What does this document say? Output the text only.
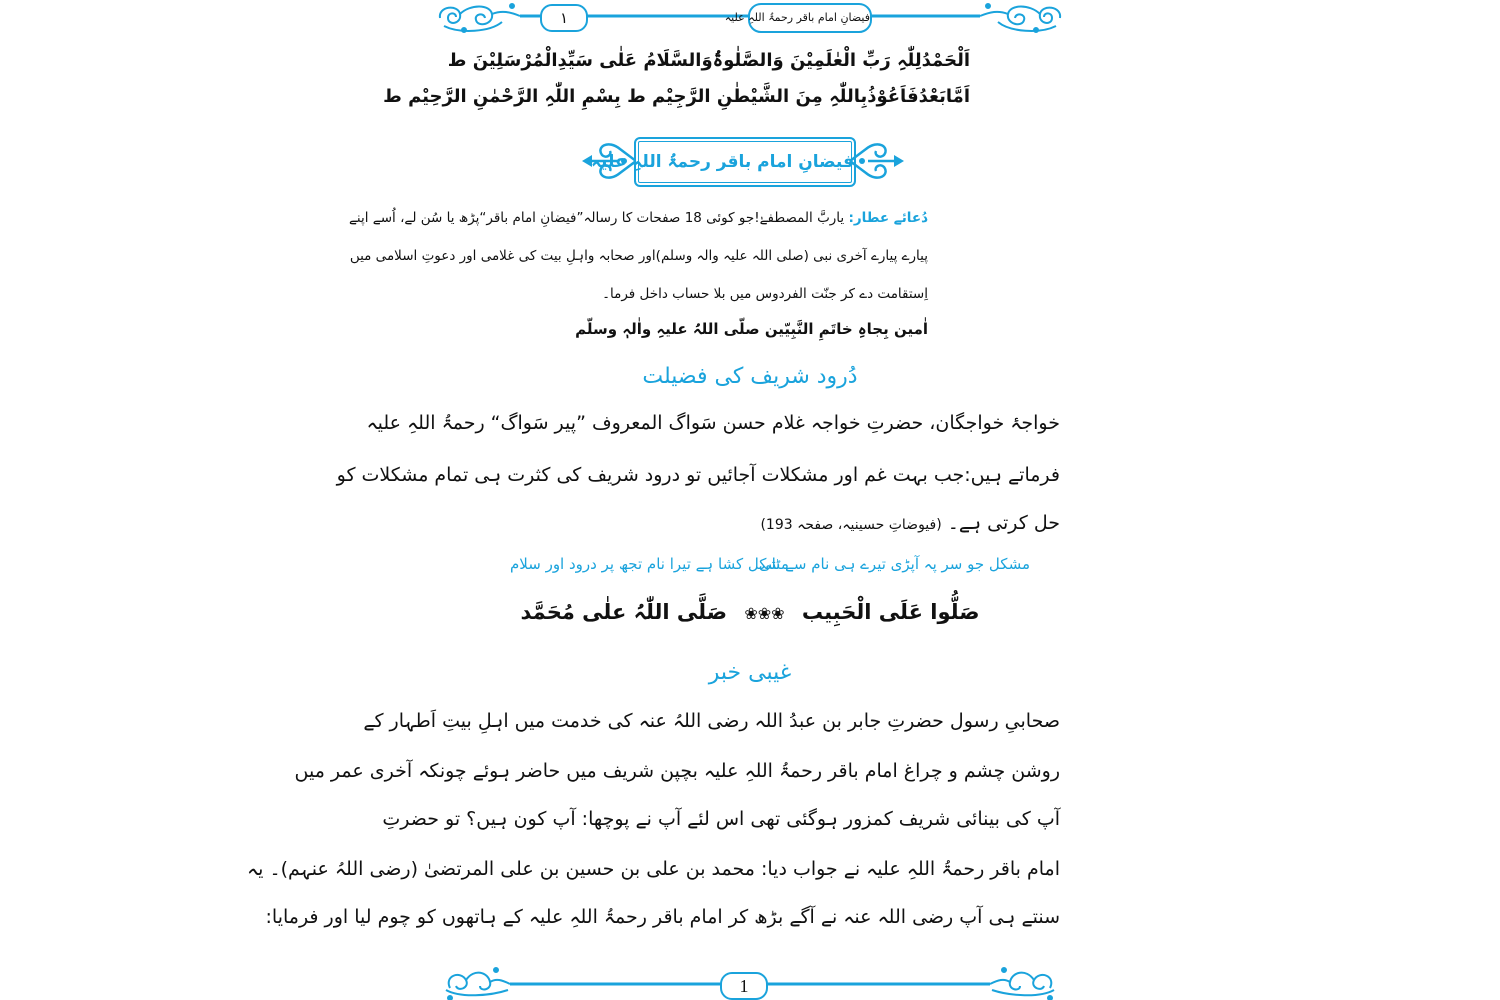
١	فیضانِ امام باقر رحمۃُ اللہِ علیہ
اَلْحَمْدُلِلّٰہِ رَبِّ الْعٰلَمِیْنَ وَالصَّلٰوۃُوَالسَّلَامُ عَلٰی سَیِّدِالْمُرْسَلِیْنَ ط
اَمَّابَعْدُفَاَعُوْذُبِاللّٰہِ مِنَ الشَّیْطٰنِ الرَّجِیْم ط بِسْمِ اللّٰہِ الرَّحْمٰنِ الرَّحِیْم ط
فیضانِ امام باقر رحمۃُ اللہِ علیہ
دُعائے عطار: یاربَّ المصطفےٰ!جو کوئی 18 صفحات کا رسالہ”فیضانِ امام باقر“پڑھ یا سُن لے، اُسے اپنے
پیارے پیارے آخری نبی (صلی اللہ علیہ والہ وسلم)اور صحابہ واہلِ بیت کی غلامی اور دعوتِ اسلامی میں
اِستقامت دے کر جنّت الفردوس میں بلا حساب داخل فرما۔
اٰمین بِجاہِ خاتَمِ النَّبِیّین صلّی اللہُ علیہِ واٰلہٖ وسلّم
دُرود شریف کی فضیلت
خواجۂ خواجگان، حضرتِ خواجہ غلام حسن سَواگ المعروف ”پیر سَواگ“ رحمۃُ اللہِ علیہ
فرماتے ہیں:جب بہت غم اور مشکلات آجائیں تو درود شریف کی کثرت ہی تمام مشکلات کو
حل کرتی ہے۔ (فیوضاتِ حسینیہ، صفحہ 193)
مشکل جو سر پہ آپڑی تیرے ہی نام سے ٹلی
مشکل کشا ہے تیرا نام تجھ پر درود اور سلام
صَلُّوا عَلَی الْحَبِیب ❀❀❀ صَلَّی اللّٰہُ علٰی مُحَمَّد
غیبی خبر
صحابیِ رسول حضرتِ جابر بن عبدُ اللہ رضی اللہُ عنہ کی خدمت میں اہلِ بیتِ اَطہار کے
روشن چشم و چراغ امام باقر رحمۃُ اللہِ علیہ بچپن شریف میں حاضر ہوئے چونکہ آخری عمر میں
آپ کی بینائی شریف کمزور ہوگئی تھی اس لئے آپ نے پوچھا: آپ کون ہیں؟ تو حضرتِ
امام باقر رحمۃُ اللہِ علیہ نے جواب دیا: محمد بن علی بن حسین بن علی المرتضیٰ (رضی اللہُ عنہم)۔ یہ
سنتے ہی آپ رضی اللہ عنہ نے آگے بڑھ کر امام باقر رحمۃُ اللہِ علیہ کے ہاتھوں کو چوم لیا اور فرمایا:
1
